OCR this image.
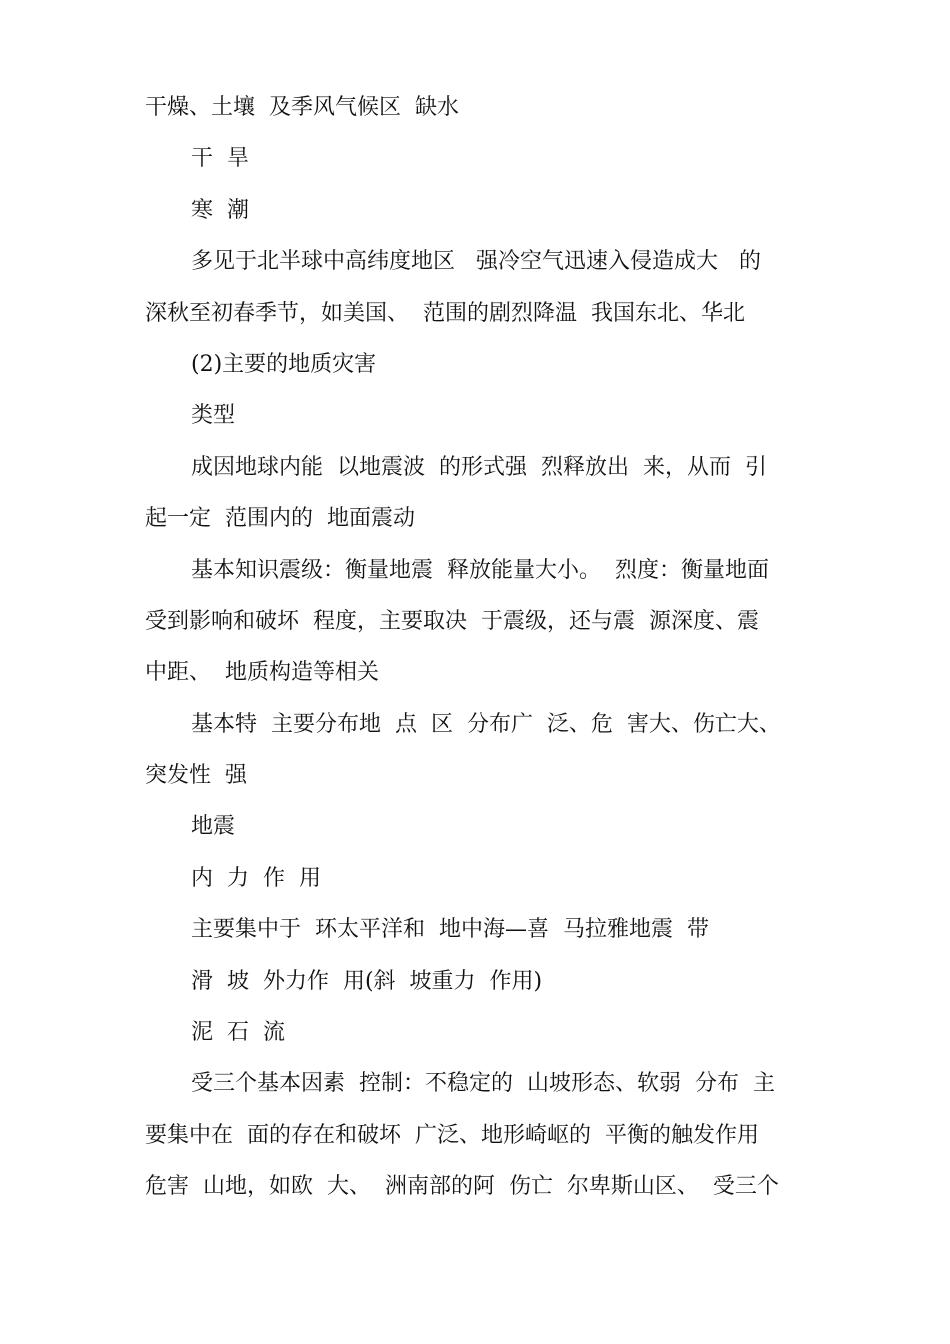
干燥、土壤  及季风气候区  缺水
干  旱
寒  潮
多见于北半球中高纬度地区   强冷空气迅速入侵造成大   的
深秋至初春季节，如美国、  范围的剧烈降温  我国东北、华北
(2)主要的地质灾害
类型
成因地球内能  以地震波  的形式强  烈释放出  来，从而  引
起一定  范围内的  地面震动
基本知识震级：衡量地震  释放能量大小。  烈度：衡量地面
受到影响和破坏  程度，主要取决  于震级，还与震  源深度、震
中距、  地质构造等相关
基本特  主要分布地  点  区  分布广  泛、危  害大、伤亡大、
突发性  强
地震
内  力  作  用
主要集中于  环太平洋和  地中海—喜  马拉雅地震  带
滑  坡  外力作  用(斜  坡重力  作用)
泥  石  流
受三个基本因素  控制：不稳定的  山坡形态、软弱  分布  主
要集中在  面的存在和破坏  广泛、地形崎岖的  平衡的触发作用
危害  山地，如欧  大、  洲南部的阿  伤亡  尔卑斯山区、  受三个
